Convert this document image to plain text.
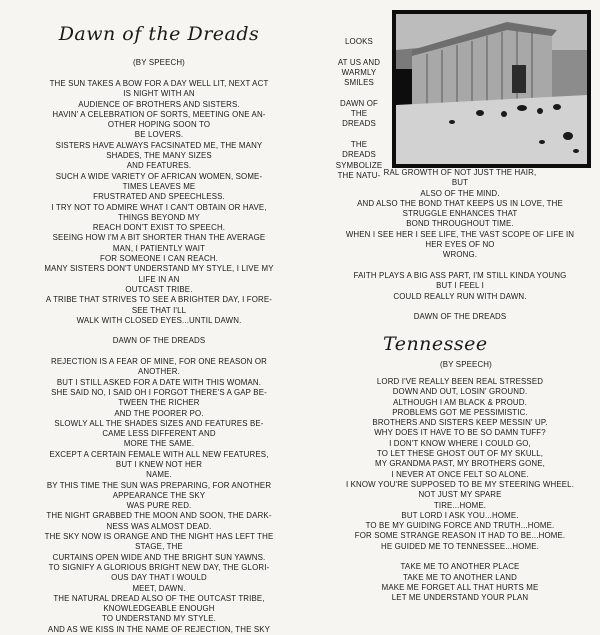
Dawn of the Dreads
(BY SPEECH)
THE SUN TAKES A BOW FOR A DAY WELL LIT, NEXT ACT
IS NIGHT WITH AN
AUDIENCE OF BROTHERS AND SISTERS.
HAVIN' A CELEBRATION OF SORTS, MEETING ONE AN-
OTHER HOPING SOON TO
BE LOVERS.
SISTERS HAVE ALWAYS FACSINATED ME, THE MANY
SHADES, THE MANY SIZES
AND FEATURES.
SUCH A WIDE VARIETY OF AFRICAN WOMEN, SOME-
TIMES LEAVES ME
FRUSTRATED AND SPEECHLESS.
I TRY NOT TO ADMIRE WHAT I CAN'T OBTAIN OR HAVE,
THINGS BEYOND MY
REACH DON'T EXIST TO SPEECH.
SEEING HOW I'M A BIT SHORTER THAN THE AVERAGE
MAN, I PATIENTLY WAIT
FOR SOMEONE I CAN REACH.
MANY SISTERS DON'T UNDERSTAND MY STYLE, I LIVE MY
LIFE IN AN
OUTCAST TRIBE.
A TRIBE THAT STRIVES TO SEE A BRIGHTER DAY, I FORE-
SEE THAT I'LL
WALK WITH CLOSED EYES...UNTIL DAWN.
DAWN OF THE DREADS
REJECTION IS A FEAR OF MINE, FOR ONE REASON OR
ANOTHER.
BUT I STILL ASKED FOR A DATE WITH THIS WOMAN.
SHE SAID NO, I SAID OH I FORGOT THERE'S A GAP BE-
TWEEN THE RICHER
AND THE POORER PO.
SLOWLY ALL THE SHADES SIZES AND FEATURES BE-
CAME LESS DIFFERENT AND
MORE THE SAME.
EXCEPT A CERTAIN FEMALE WITH ALL NEW FEATURES,
BUT I KNEW NOT HER
NAME.
BY THIS TIME THE SUN WAS PREPARING, FOR ANOTHER
APPEARANCE THE SKY
WAS PURE RED.
THE NIGHT GRABBED THE MOON AND SOON, THE DARK-
NESS WAS ALMOST DEAD.
THE SKY NOW IS ORANGE AND THE NIGHT HAS LEFT THE
STAGE, THE
CURTAINS OPEN WIDE AND THE BRIGHT SUN YAWNS.
TO SIGNIFY A GLORIOUS BRIGHT NEW DAY, THE GLORI-
OUS DAY THAT I WOULD
MEET, DAWN.
THE NATURAL DREAD ALSO OF THE OUTCAST TRIBE,
KNOWLEDGEABLE ENOUGH
TO UNDERSTAND MY STYLE.
AND AS WE KISS IN THE NAME OF REJECTION, THE SKY
LOOKS
AT US AND
WARMLY
SMILES
DAWN OF
THE
DREADS
THE
DREADS
SYMBOLIZE
THE NATU- RAL GROWTH OF NOT JUST THE HAIR,
BUT
ALSO OF THE MIND.
AND ALSO THE BOND THAT KEEPS US IN LOVE, THE
STRUGGLE ENHANCES THAT
BOND THROUGHOUT TIME.
WHEN I SEE HER I SEE LIFE, THE VAST SCOPE OF LIFE IN
HER EYES OF NO
WRONG.
FAITH PLAYS A BIG ASS PART, I'M STILL KINDA YOUNG
BUT I FEEL I
COULD REALLY RUN WITH DAWN.
DAWN OF THE DREADS
Tennessee
(BY SPEECH)
LORD I'VE REALLY BEEN REAL STRESSED
DOWN AND OUT, LOSIN' GROUND.
ALTHOUGH I AM BLACK & PROUD.
PROBLEMS GOT ME PESSIMISTIC.
BROTHERS AND SISTERS KEEP MESSIN' UP.
WHY DOES IT HAVE TO BE SO DAMN TUFF?
I DON'T KNOW WHERE I COULD GO,
TO LET THESE GHOST OUT OF MY SKULL,
MY GRANDMA PAST, MY BROTHERS GONE,
I NEVER AT ONCE FELT SO ALONE.
I KNOW YOU'RE SUPPOSED TO BE MY STEERING WHEEL.
NOT JUST MY SPARE
TIRE...HOME.
BUT LORD I ASK YOU...HOME.
TO BE MY GUIDING FORCE AND TRUTH...HOME.
FOR SOME STRANGE REASON IT HAD TO BE...HOME.
HE GUIDED ME TO TENNESSEE...HOME.
TAKE ME TO ANOTHER PLACE
TAKE ME TO ANOTHER LAND
MAKE ME FORGET ALL THAT HURTS ME
LET ME UNDERSTAND YOUR PLAN
